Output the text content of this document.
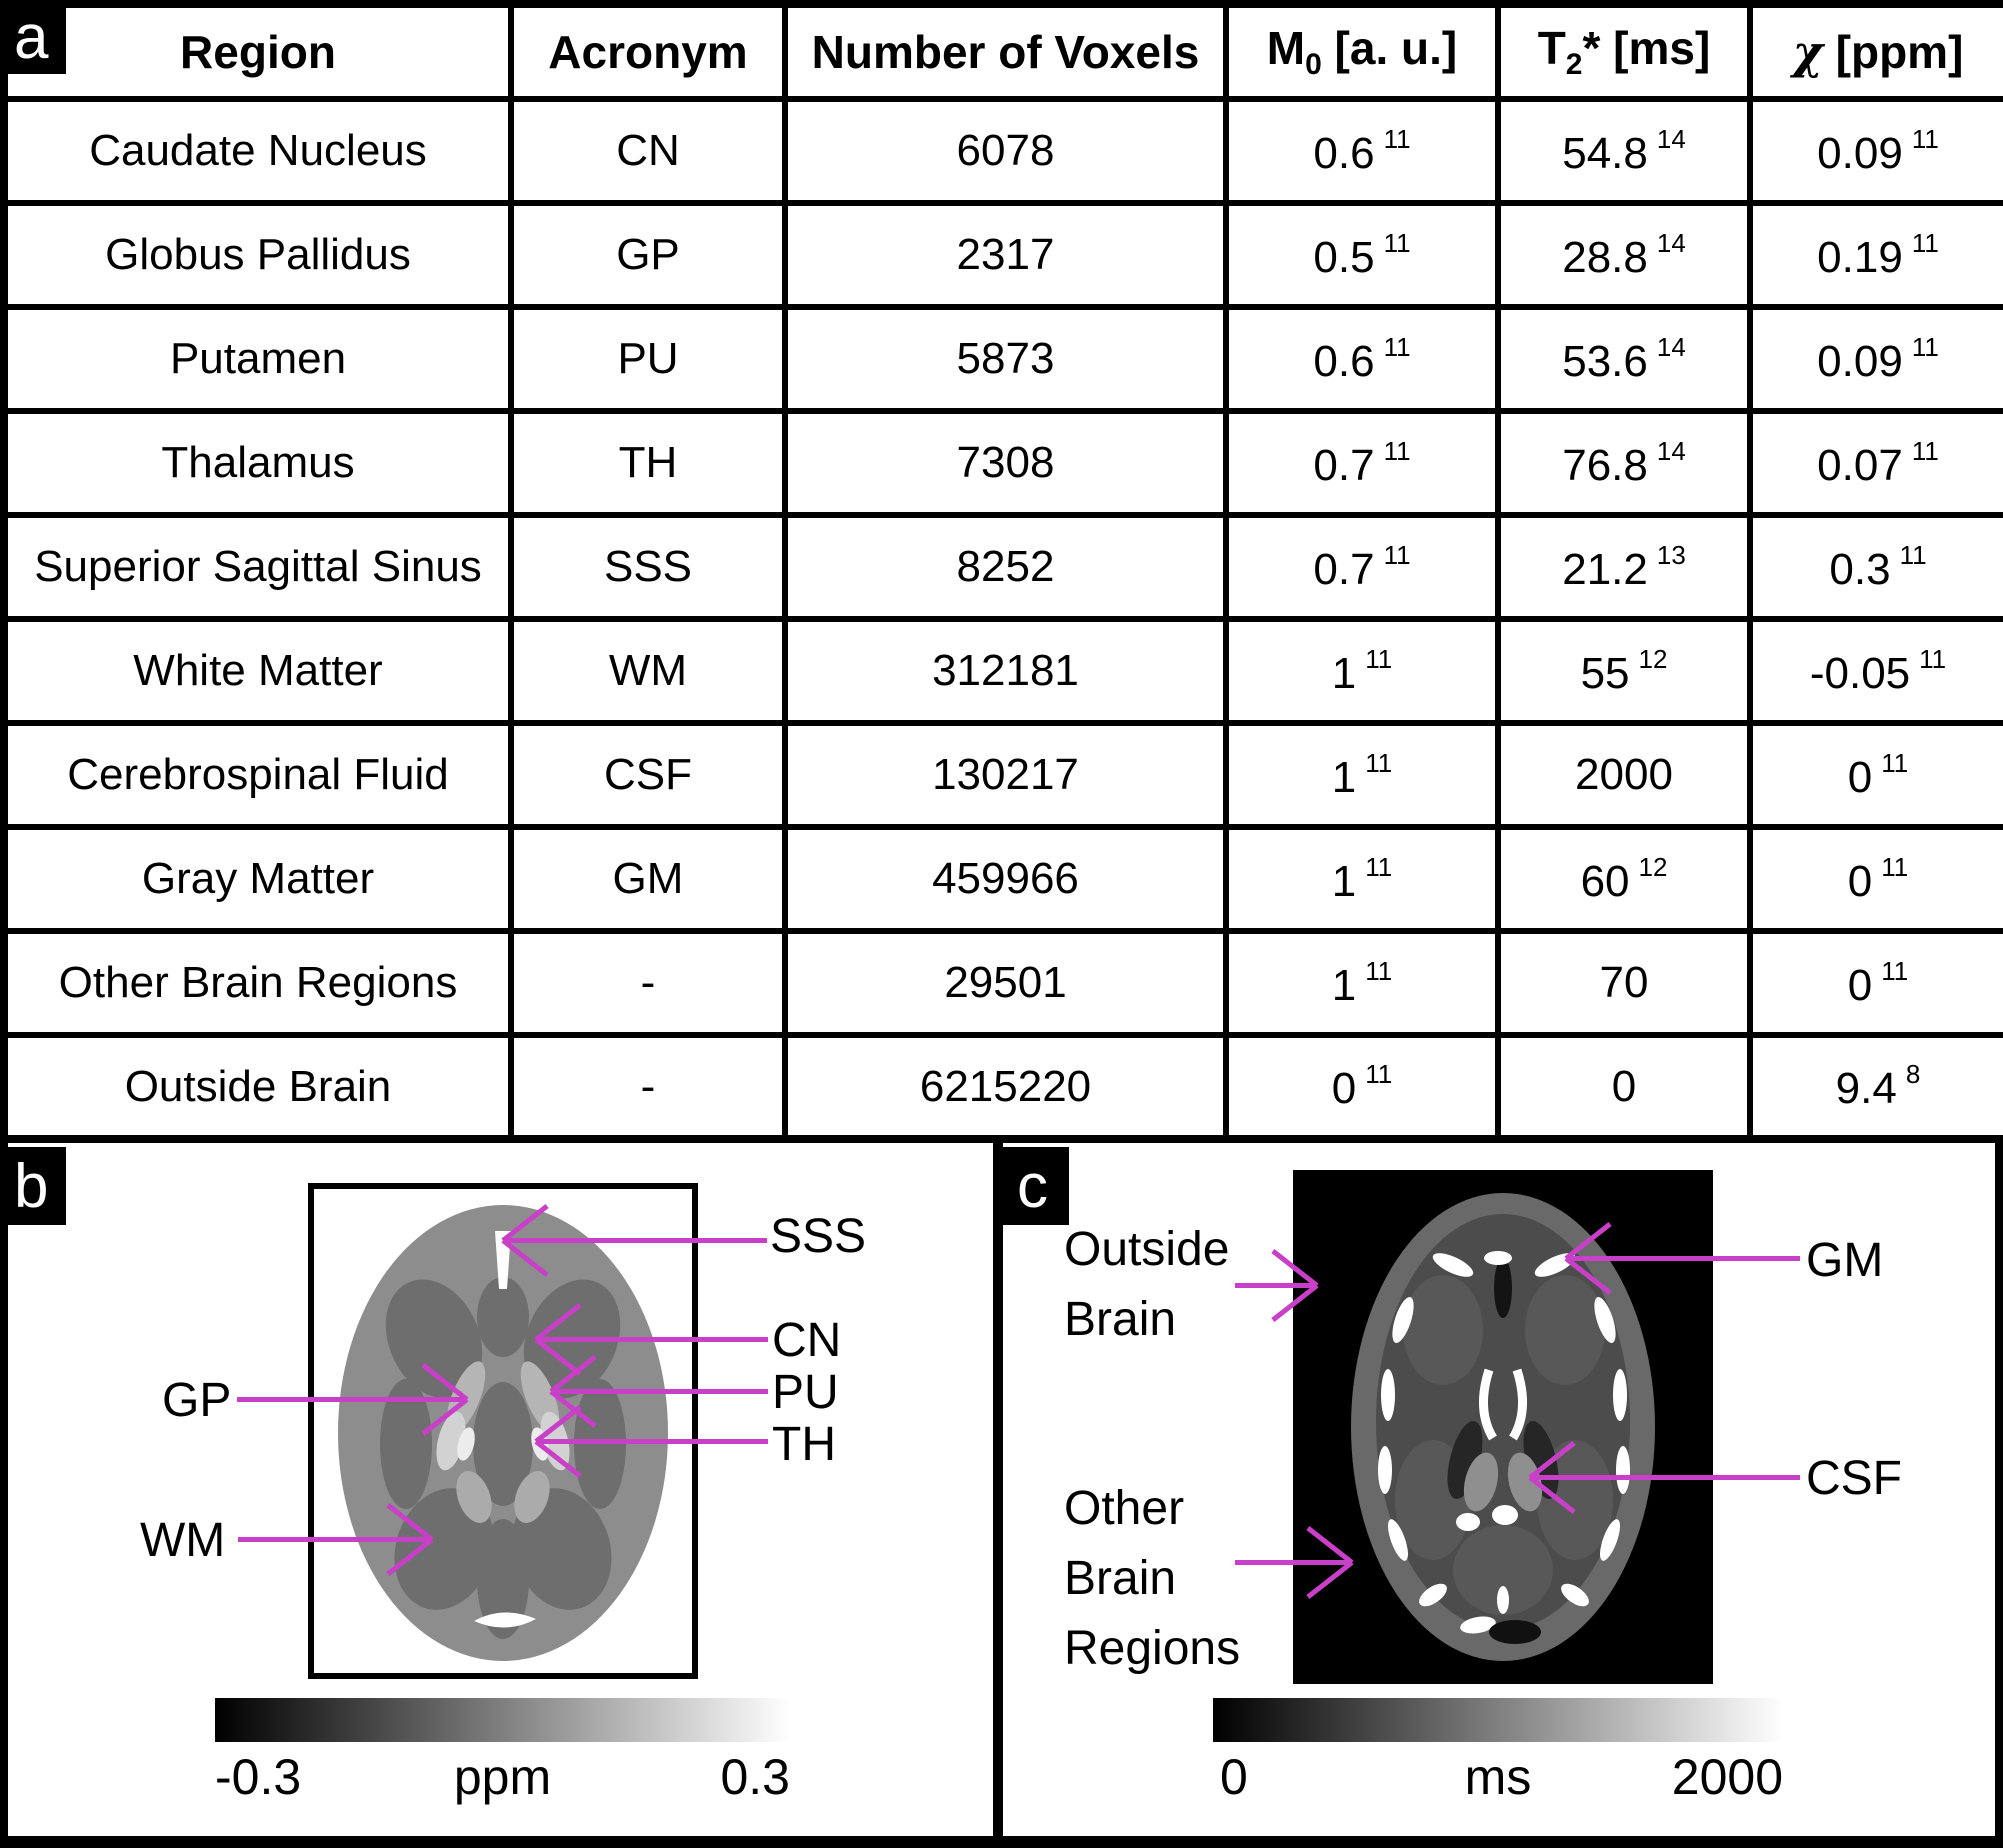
Region	Acronym	Number of Voxels	$M_0$ [a. u.]	$T_2*$ [ms]	χ [ppm]
Caudate Nucleus	CN	6078	0.6 $^{11}$	54.8 $^{14}$	0.09 $^{11}$
Globus Pallidus	GP	2317	0.5 $^{11}$	28.8 $^{14}$	0.19 $^{11}$
Putamen	PU	5873	0.6 $^{11}$	53.6 $^{14}$	0.09 $^{11}$
Thalamus	TH	7308	0.7 $^{11}$	76.8 $^{14}$	0.07 $^{11}$
Superior Sagittal Sinus	SSS	8252	0.7 $^{11}$	21.2 $^{13}$	0.3 $^{11}$
White Matter	WM	312181	1 $^{11}$	55 $^{12}$	-0.05 $^{11}$
Cerebrospinal Fluid	CSF	130217	1 $^{11}$	2000	0 $^{11}$
Gray Matter	GM	459966	1 $^{11}$	60 $^{12}$	0 $^{11}$
Other Brain Regions	-	29501	1 $^{11}$	70	0 $^{11}$
Outside Brain	-	6215220	0 $^{11}$	0	9.4 $^8$
a
b	c
SSS
CN
PU
TH
GP
WM
-0.3	ppm	0.3
Outside Brain
GM
CSF
Other Brain Regions
0	ms	2000
